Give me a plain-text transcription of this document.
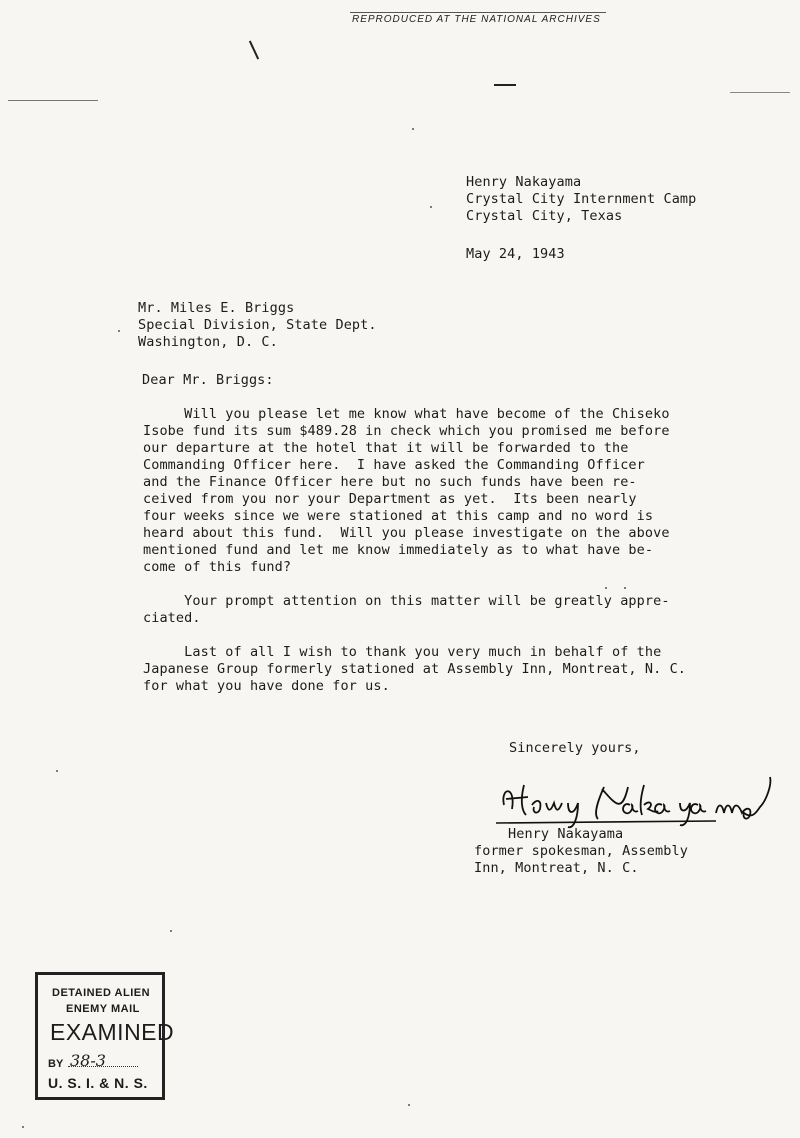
REPRODUCED AT THE NATIONAL ARCHIVES
Henry Nakayama
Crystal City Internment Camp
Crystal City, Texas
May 24, 1943
Mr. Miles E. Briggs
Special Division, State Dept.
Washington, D. C.
Dear Mr. Briggs:
Will you please let me know what have become of the Chiseko
Isobe fund its sum $489.28 in check which you promised me before
our departure at the hotel that it will be forwarded to the
Commanding Officer here.  I have asked the Commanding Officer
and the Finance Officer here but no such funds have been re-
ceived from you nor your Department as yet.  Its been nearly
four weeks since we were stationed at this camp and no word is
heard about this fund.  Will you please investigate on the above
mentioned fund and let me know immediately as to what have be-
come of this fund?
Your prompt attention on this matter will be greatly appre-
ciated.
Last of all I wish to thank you very much in behalf of the
Japanese Group formerly stationed at Assembly Inn, Montreat, N. C.
for what you have done for us.
Sincerely yours,
Henry Nakayama
former spokesman, Assembly
Inn, Montreat, N. C.
DETAINED ALIEN
ENEMY MAIL
EXAMINED
BY 38-3
U. S. I. & N. S.
